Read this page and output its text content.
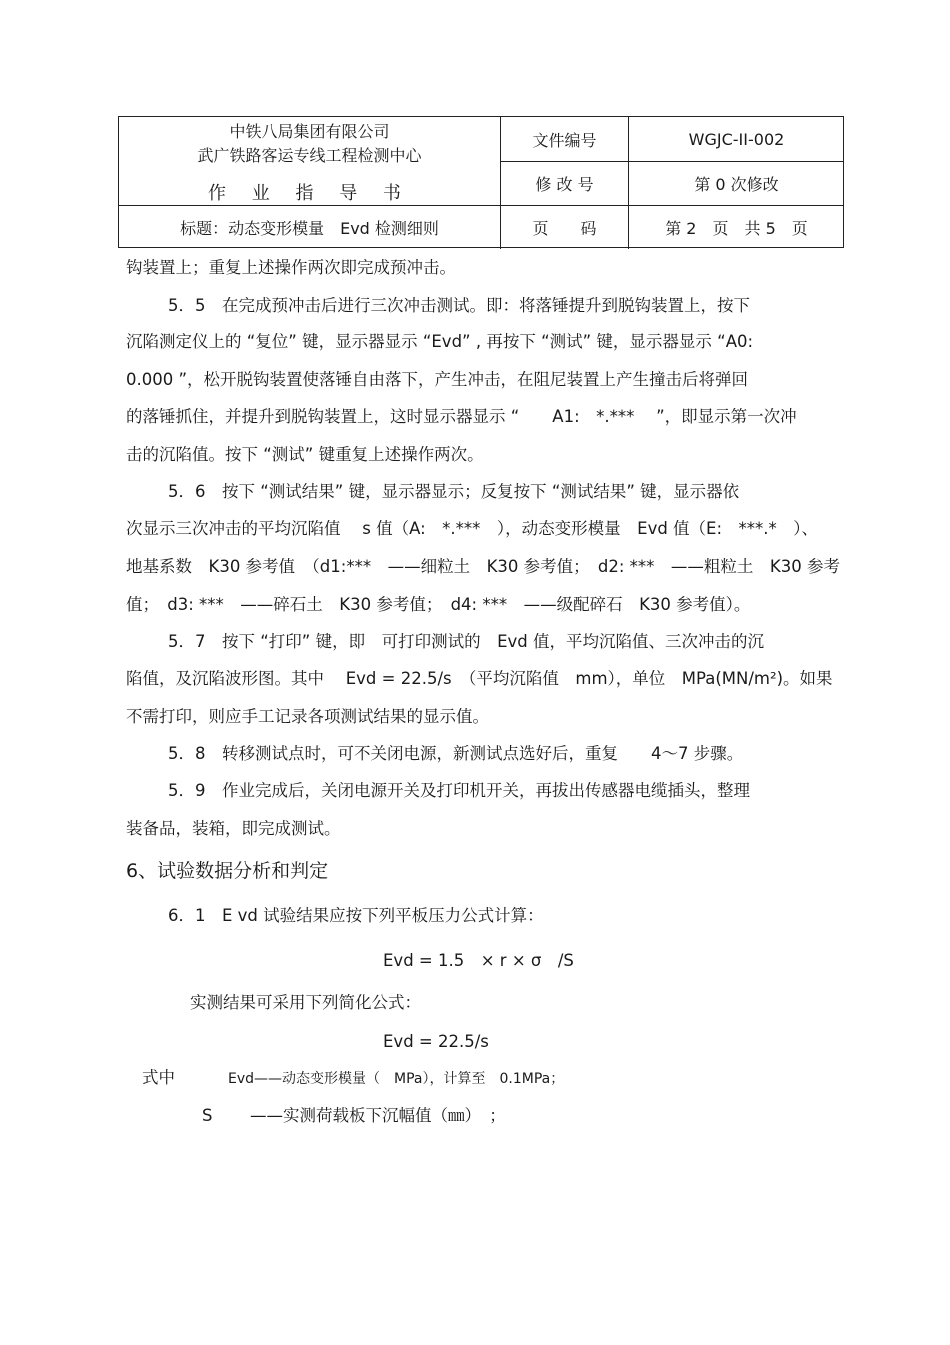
中铁八局集团有限公司
武广铁路客运专线工程检测中心
作 业 指 导 书
文件编号	WGJC-II-002
修 改 号	第 0 次修改
标题：动态变形模量　Evd 检测细则	页　　码	第 2　页　共 5　页
钩装置上；重复上述操作两次即完成预冲击。
5．5　在完成预冲击后进行三次冲击测试。即：将落锤提升到脱钩装置上，按下
沉陷测定仪上的 “复位” 键，显示器显示 “Evd” , 再按下 “测试” 键，显示器显示 “A0:
0.000 ”，松开脱钩装置使落锤自由落下，产生冲击，在阻尼装置上产生撞击后将弹回
的落锤抓住，并提升到脱钩装置上，这时显示器显示 “　　A1:　*.***　 ”，即显示第一次冲
击的沉陷值。按下 “测试” 键重复上述操作两次。
5．6　按下 “测试结果” 键，显示器显示；反复按下 “测试结果” 键，显示器依
次显示三次冲击的平均沉陷值　 s 值（A:　*.***　），动态变形模量　Evd 值（E:　***.*　）、
地基系数　K30 参考值　（d1:***　——细粒土　K30 参考值；　d2: ***　——粗粒土　K30 参考
值；　d3: ***　——碎石土　K30 参考值；　d4: ***　——级配碎石　K30 参考值）。
5．7　按下 “打印” 键，即　可打印测试的　Evd 值，平均沉陷值、三次冲击的沉
陷值，及沉陷波形图。其中　 Evd = 22.5/s　（平均沉陷值　mm），单位　MPa(MN/m²)。如果
不需打印，则应手工记录各项测试结果的显示值。
5．8　转移测试点时，可不关闭电源，新测试点选好后，重复　　4～7 步骤。
5．9　作业完成后，关闭电源开关及打印机开关，再拔出传感器电缆插头，整理
装备品，装箱，即完成测试。
6、试验数据分析和判定
6．1　E vd 试验结果应按下列平板压力公式计算：
Evd = 1.5　× r × σ　/S
实测结果可采用下列简化公式：
Evd = 22.5/s
式中	Evd——动态变形模量（　MPa），计算至　0.1MPa；
S ——实测荷载板下沉幅值（㎜）　；
